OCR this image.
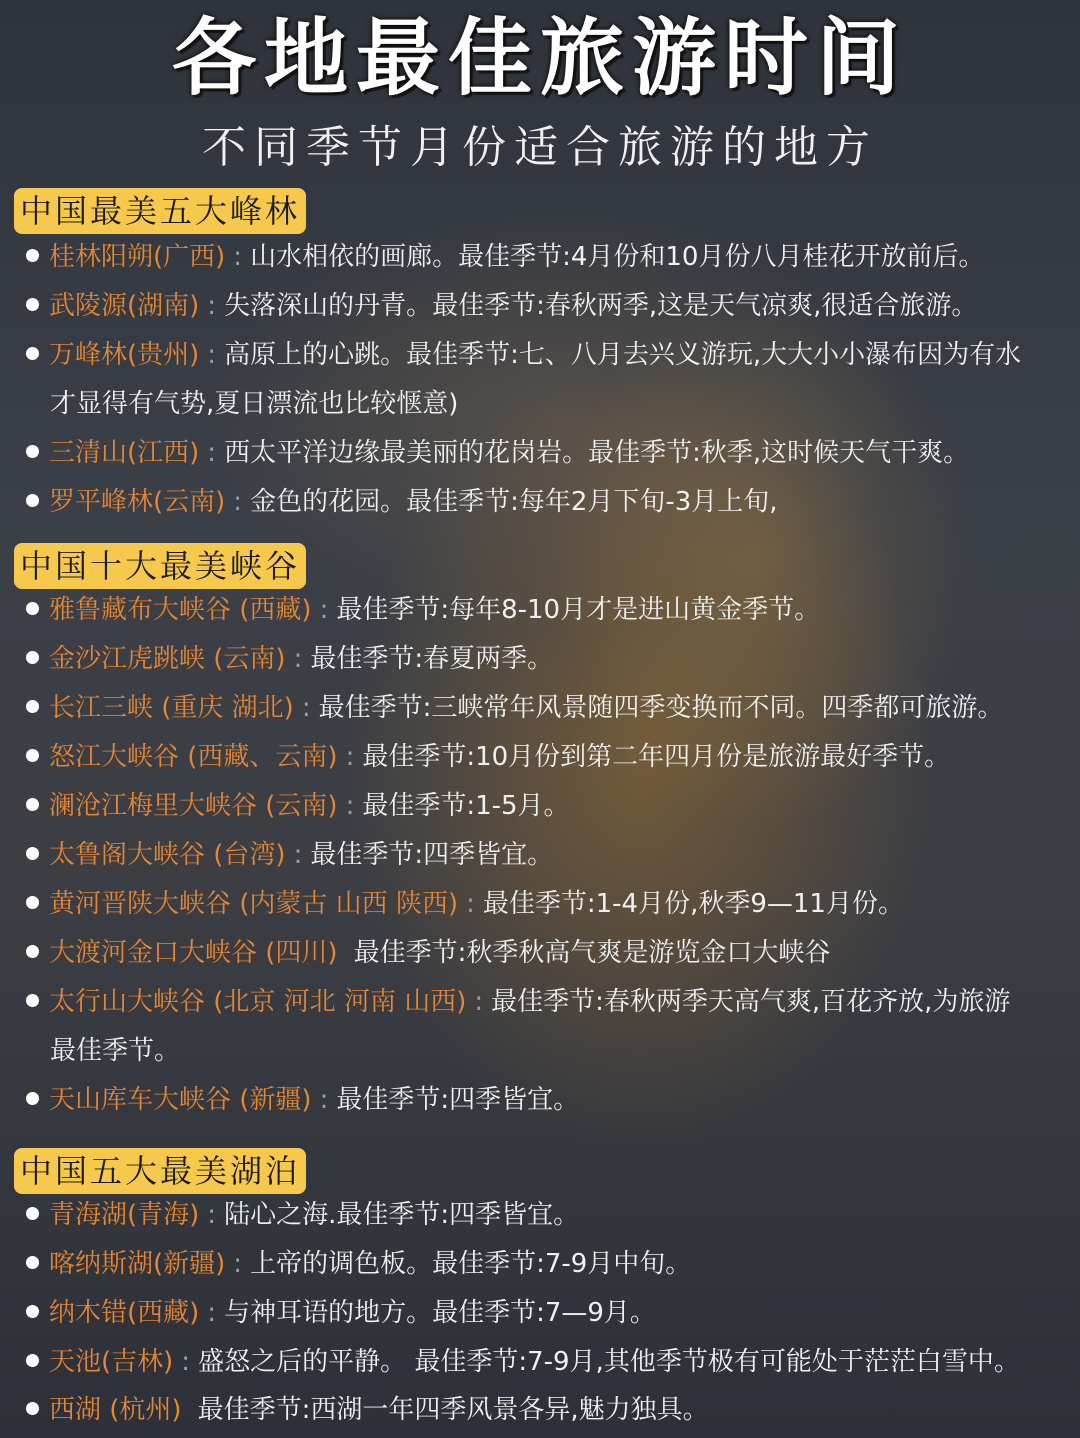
各地最佳旅游时间
不同季节月份适合旅游的地方
中国最美五大峰林
桂林阳朔(广西) : 山水相依的画廊。最佳季节:4月份和10月份八月桂花开放前后。
武陵源(湖南) : 失落深山的丹青。最佳季节:春秋两季,这是天气凉爽,很适合旅游。
万峰林(贵州) : 高原上的心跳。最佳季节:七、八月去兴义游玩,大大小小瀑布因为有水
才显得有气势,夏日漂流也比较惬意)
三清山(江西) : 西太平洋边缘最美丽的花岗岩。最佳季节:秋季,这时候天气干爽。
罗平峰林(云南) : 金色的花园。最佳季节:每年2月下旬-3月上旬,
中国十大最美峡谷
雅鲁藏布大峡谷 (西藏) : 最佳季节:每年8-10月才是进山黄金季节。
金沙江虎跳峡 (云南) : 最佳季节:春夏两季。
长江三峡 (重庆 湖北) : 最佳季节:三峡常年风景随四季变换而不同。四季都可旅游。
怒江大峡谷 (西藏、云南) : 最佳季节:10月份到第二年四月份是旅游最好季节。
澜沧江梅里大峡谷 (云南) : 最佳季节:1-5月。
太鲁阁大峡谷 (台湾) : 最佳季节:四季皆宜。
黄河晋陕大峡谷 (内蒙古 山西 陕西) : 最佳季节:1-4月份,秋季9—11月份。
大渡河金口大峡谷 (四川) 最佳季节:秋季秋高气爽是游览金口大峡谷
太行山大峡谷 (北京 河北 河南 山西) : 最佳季节:春秋两季天高气爽,百花齐放,为旅游
最佳季节。
天山库车大峡谷 (新疆) : 最佳季节:四季皆宜。
中国五大最美湖泊
青海湖(青海) : 陆心之海.最佳季节:四季皆宜。
喀纳斯湖(新疆) : 上帝的调色板。最佳季节:7-9月中旬。
纳木错(西藏) : 与神耳语的地方。最佳季节:7—9月。
天池(吉林) : 盛怒之后的平静。 最佳季节:7-9月,其他季节极有可能处于茫茫白雪中。
西湖 (杭州) 最佳季节:西湖一年四季风景各异,魅力独具。
